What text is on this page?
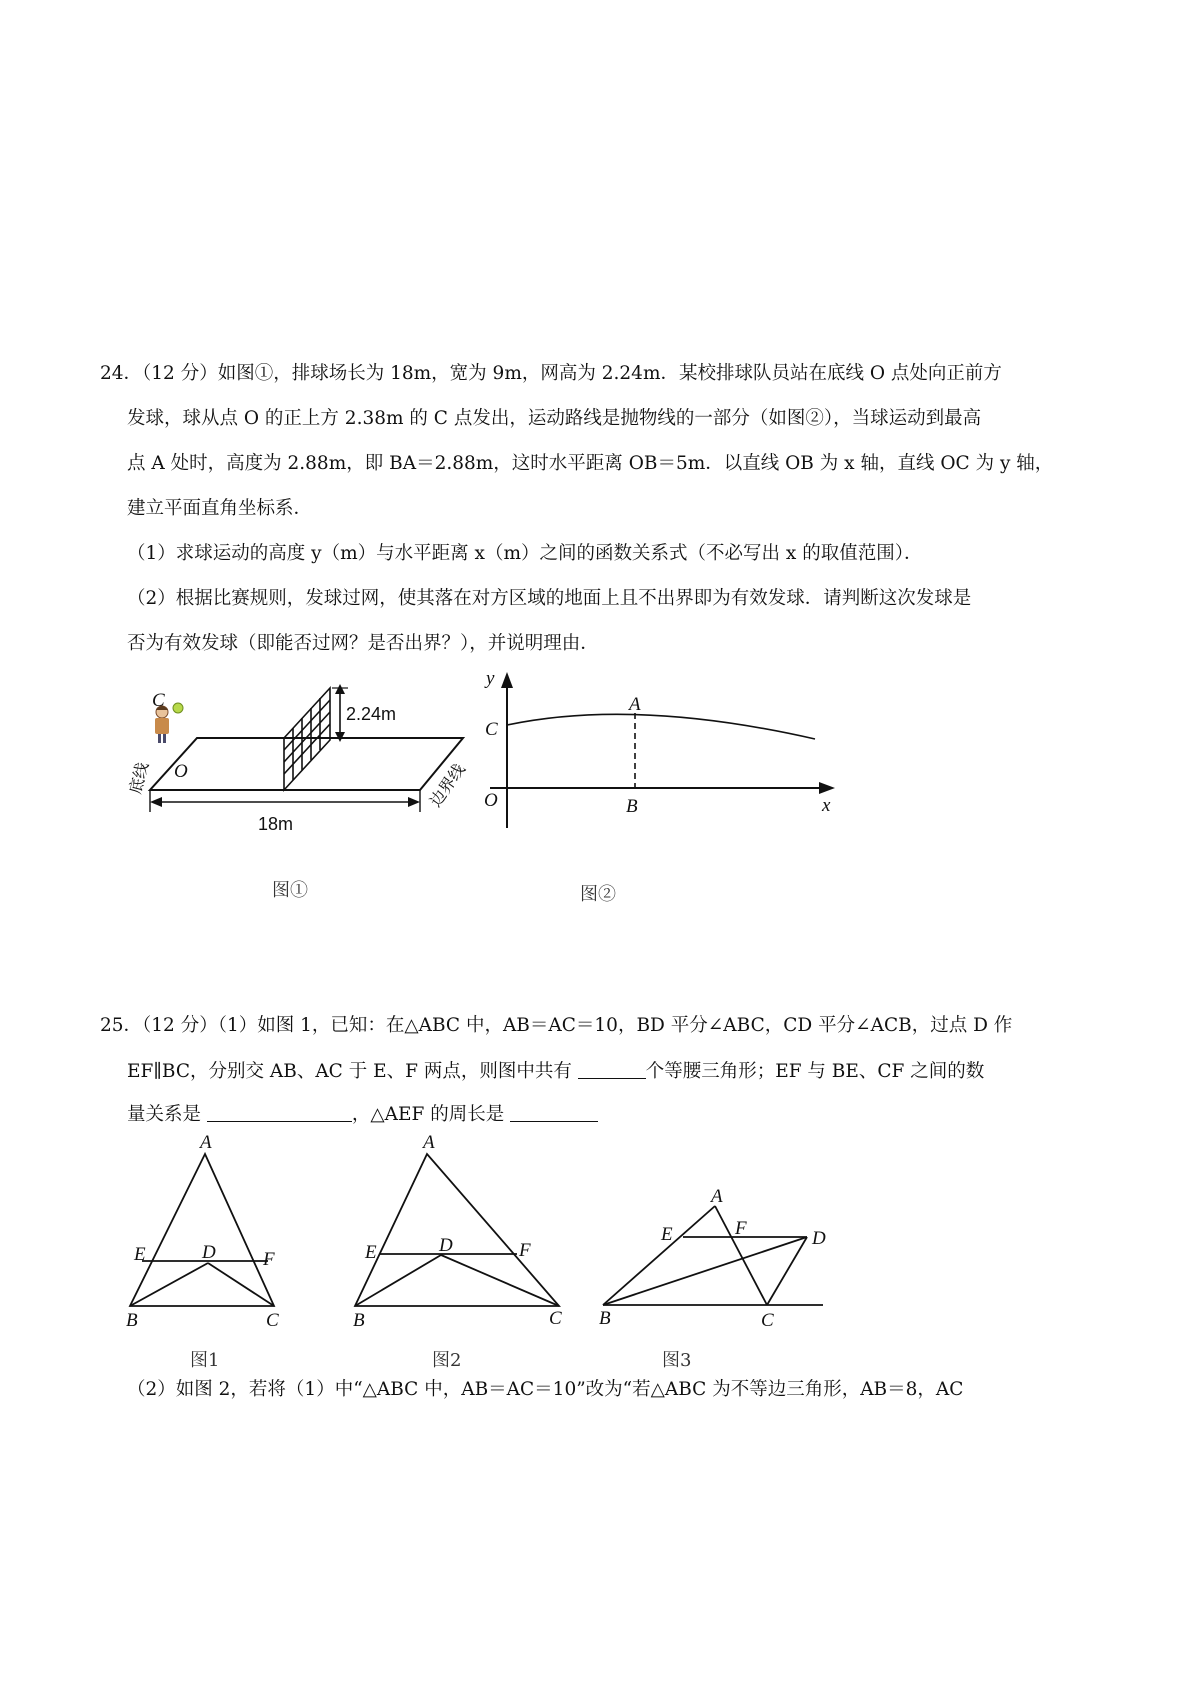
24．（12 分）如图①，排球场长为 18m，宽为 9m，网高为 2.24m．某校排球队员站在底线 O 点处向正前方
发球，球从点 O 的正上方 2.38m 的 C 点发出，运动路线是抛物线的一部分（如图②），当球运动到最高
点 A 处时，高度为 2.88m，即 BA＝2.88m，这时水平距离 OB＝5m．以直线 OB 为 x 轴，直线 OC 为 y 轴，
建立平面直角坐标系．
（1）求球运动的高度 y（m）与水平距离 x（m）之间的函数关系式（不必写出 x 的取值范围）．
（2）根据比赛规则，发球过网，使其落在对方区域的地面上且不出界即为有效发球．请判断这次发球是
否为有效发球（即能否过网？是否出界？），并说明理由．
2.24m
18m
底线	边界线
C
O
图①
y
x
O
C
A
B
图②
25．（12 分）（1）如图 1，已知：在△ABC 中，AB＝AC＝10，BD 平分∠ABC，CD 平分∠ACB，过点 D 作
EF∥BC，分别交 AB、AC 于 E、F 两点，则图中共有	个等腰三角形；EF 与 BE、CF 之间的数
量关系是	，△AEF 的周长是
A
E	D F
B	C
图1
A
E	D	F
B	C
图2
A
E	F	D
B	C
图3
（2）如图 2，若将（1）中“△ABC 中，AB＝AC＝10”改为“若△ABC 为不等边三角形，AB＝8，AC
